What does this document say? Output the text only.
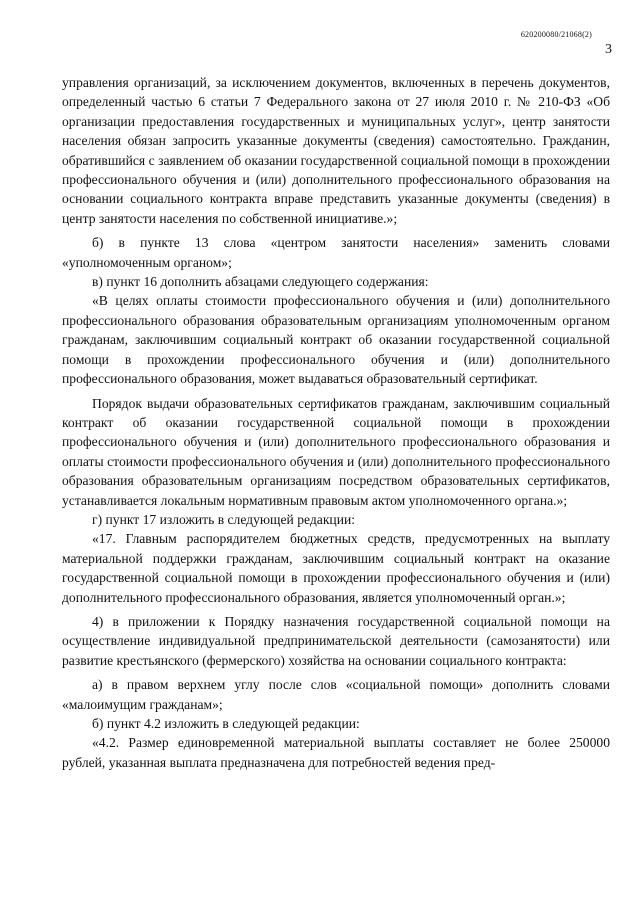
620200080/21068(2)
3

управления организаций, за исключением документов, включенных в перечень документов, определенный частью 6 статьи 7 Федерального закона от 27 июля 2010 г. № 210-ФЗ «Об организации предоставления государственных и муниципальных услуг», центр занятости населения обязан запросить указанные документы (сведения) самостоятельно. Гражданин, обратившийся с заявлением об оказании государственной социальной помощи в прохождении профессионального обучения и (или) дополнительного профессионального образования на основании социального контракта вправе представить указанные документы (сведения) в центр занятости населения по собственной инициативе.»;

б) в пункте 13 слова «центром занятости населения» заменить словами «уполномоченным органом»;

в) пункт 16 дополнить абзацами следующего содержания:

«В целях оплаты стоимости профессионального обучения и (или) дополнительного профессионального образования образовательным организациям уполномоченным органом гражданам, заключившим социальный контракт об оказании государственной социальной помощи в прохождении профессионального обучения и (или) дополнительного профессионального образования, может выдаваться образовательный сертификат.

Порядок выдачи образовательных сертификатов гражданам, заключившим социальный контракт об оказании государственной социальной помощи в прохождении профессионального обучения и (или) дополнительного профессионального образования и оплаты стоимости профессионального обучения и (или) дополнительного профессионального образования образовательным организациям посредством образовательных сертификатов, устанавливается локальным нормативным правовым актом уполномоченного органа.»;

г) пункт 17 изложить в следующей редакции:

«17. Главным распорядителем бюджетных средств, предусмотренных на выплату материальной поддержки гражданам, заключившим социальный контракт на оказание государственной социальной помощи в прохождении профессионального обучения и (или) дополнительного профессионального образования, является уполномоченный орган.»;

4) в приложении к Порядку назначения государственной социальной помощи на осуществление индивидуальной предпринимательской деятельности (самозанятости) или развитие крестьянского (фермерского) хозяйства на основании социального контракта:

а) в правом верхнем углу после слов «социальной помощи» дополнить словами «малоимущим гражданам»;

б) пункт 4.2 изложить в следующей редакции:

«4.2. Размер единовременной материальной выплаты составляет не более 250000 рублей, указанная выплата предназначена для потребностей ведения пред-
